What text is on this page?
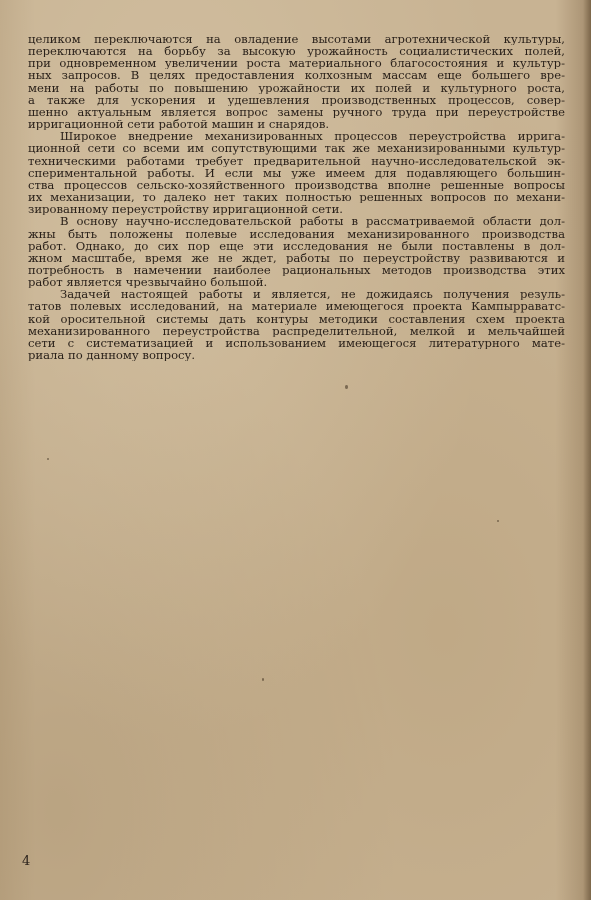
целиком переключаются на овладение высотами агротехнической культуры,
переключаются на борьбу за высокую урожайность социалистических полей,
при одновременном увеличении роста материального благосостояния и культур-
ных запросов. В целях предоставления колхозным массам еще большего вре-
мени на работы по повышению урожайности их полей и культурного роста,
а также для ускорения и удешевления производственных процессов, совер-
шенно актуальным является вопрос замены ручного труда при переустройстве
ирригационной сети работой машин и снарядов.
Широкое внедрение механизированных процессов переустройства ирригa-
ционной сети со всеми им сопутствующими так же механизированными культур-
техническими работами требует предварительной научно-исследовательской эк-
спериментальной работы. И если мы уже имеем для подавляющего большин-
ства процессов сельско-хозяйственного производства вполне решенные вопросы
их механизации, то далеко нет таких полностью решенных вопросов по механи-
зированному переустройству ирригационной сети.
В основу научно-исследовательской работы в рассматриваемой области дол-
жны быть положены полевые исследования механизированного производства
работ. Однако, до сих пор еще эти исследования не были поставлены в дол-
жном масштабе, время же не ждет, работы по переустройству развиваются и
потребность в намечении наиболее рациональных методов производства этих
работ является чрезвычайно большой.
Задачей настоящей работы и является, не дожидаясь получения резуль-
татов полевых исследований, на материале имеющегося проекта Кампырраватс-
кой оросительной системы дать контуры методики составления схем проекта
механизированного переустройства распределительной, мелкой и мельчайшей
сети с систематизацией и использованием имеющегося литературного мате-
риала по данному вопросу.
4
